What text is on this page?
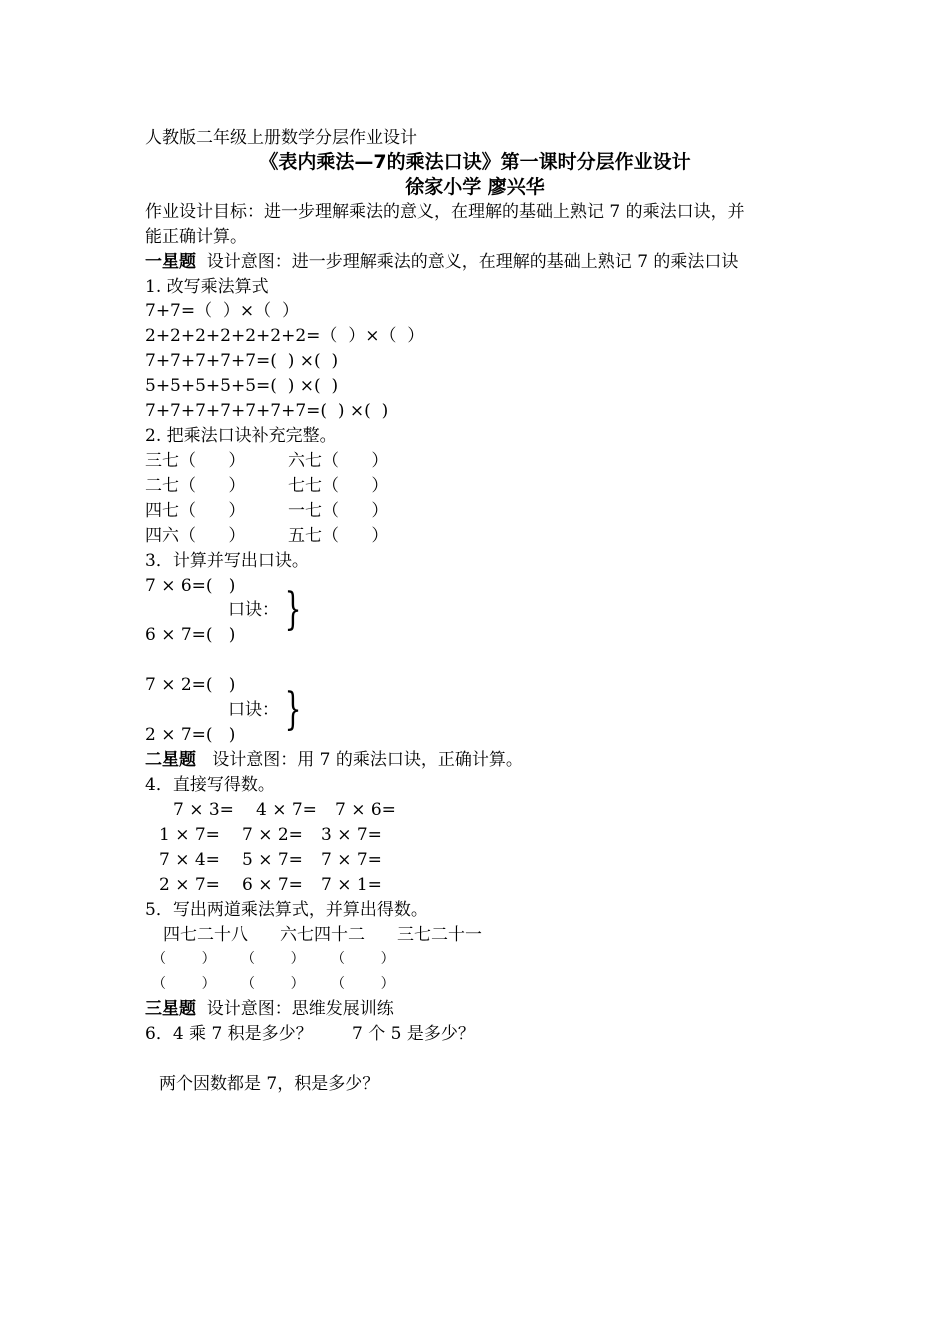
人教版二年级上册数学分层作业设计
《表内乘法—7的乘法口诀》第一课时分层作业设计
徐家小学 廖兴华
作业设计目标：进一步理解乘法的意义，在理解的基础上熟记 7 的乘法口诀，并
能正确计算。
一星题  设计意图：进一步理解乘法的意义，在理解的基础上熟记 7 的乘法口诀
1. 改写乘法算式
7+7=（  ）×（  ）
2+2+2+2+2+2+2=（  ）×（  ）
7+7+7+7+7=(  ) ×(  )
5+5+5+5+5=(  ) ×(  )
7+7+7+7+7+7+7=(  ) ×(  )
2. 把乘法口诀补充完整。
三七（      ）	六七（      ）
二七（      ）	七七（      ）
四七（      ）	一七（      ）
四六（      ）	五七（      ）
3．计算并写出口诀。
7 × 6=(   )
口诀： }
6 × 7=(   )
7 × 2=(   )
口诀： }
2 × 7=(   )
二星题   设计意图：用 7 的乘法口诀，正确计算。
4．直接写得数。
7 × 3= 4 × 7= 7 × 6=
1 × 7= 7 × 2= 3 × 7=
7 × 4= 5 × 7= 7 × 7=
2 × 7= 6 × 7= 7 × 1=
5．写出两道乘法算式，并算出得数。
四七二十八 六七四十二 三七二十一
（        ） （        ） （        ）
（        ） （        ） （        ）
三星题  设计意图：思维发展训练
6．4 乘 7 积是多少？ 7 个 5 是多少？
两个因数都是 7，积是多少？
